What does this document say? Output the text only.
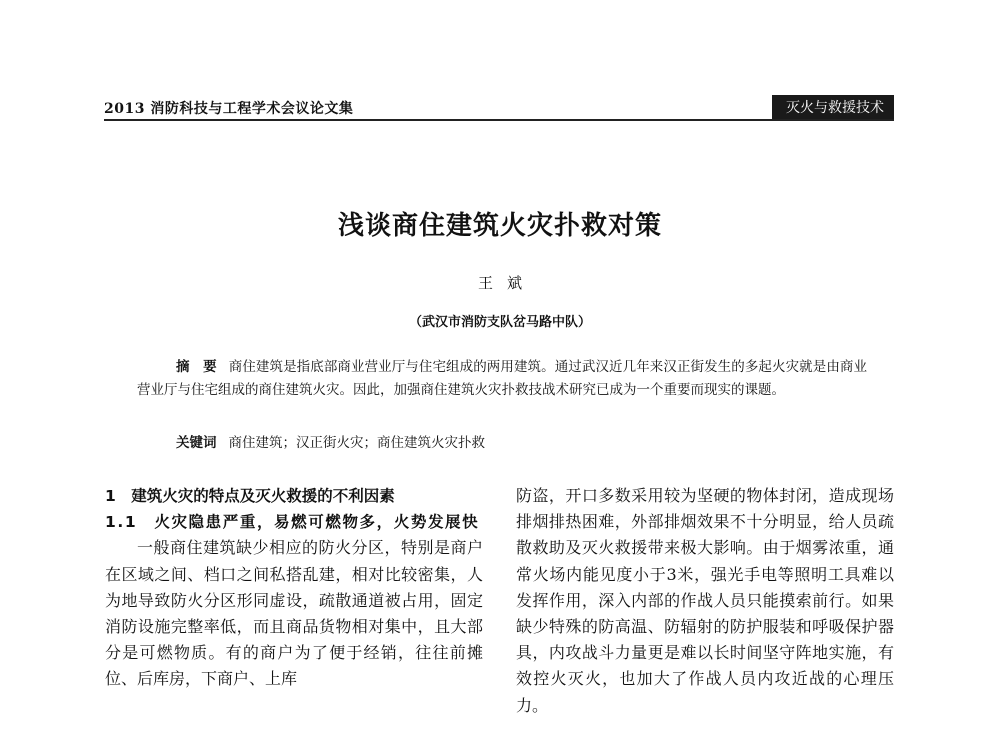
2013 消防科技与工程学术会议论文集	灭火与救援技术
浅谈商住建筑火灾扑救对策
王斌
（武汉市消防支队岔马路中队）
摘　要 商住建筑是指底部商业营业厅与住宅组成的两用建筑。通过武汉近几年来汉正街发生的多起火灾就是由商业营业厅与住宅组成的商住建筑火灾。因此，加强商住建筑火灾扑救技战术研究已成为一个重要而现实的课题。
关键词 商住建筑；汉正街火灾；商住建筑火灾扑救

1　建筑火灾的特点及灭火救援的不利因素

1.1　火灾隐患严重，易燃可燃物多，火势发展快

一般商住建筑缺少相应的防火分区，特别是商户在区域之间、档口之间私搭乱建，相对比较密集，人为地导致防火分区形同虚设，疏散通道被占用，固定消防设施完整率低，而且商品货物相对集中，且大部分是可燃物质。有的商户为了便于经销，往往前摊位、后库房，下商户、上库

防盗，开口多数采用较为坚硬的物体封闭，造成现场排烟排热困难，外部排烟效果不十分明显，给人员疏散救助及灭火救援带来极大影响。由于烟雾浓重，通常火场内能见度小于3米，强光手电等照明工具难以发挥作用，深入内部的作战人员只能摸索前行。如果缺少特殊的防高温、防辐射的防护服装和呼吸保护器具，内攻战斗力量更是难以长时间坚守阵地实施，有效控火灭火，也加大了作战人员内攻近战的心理压力。
